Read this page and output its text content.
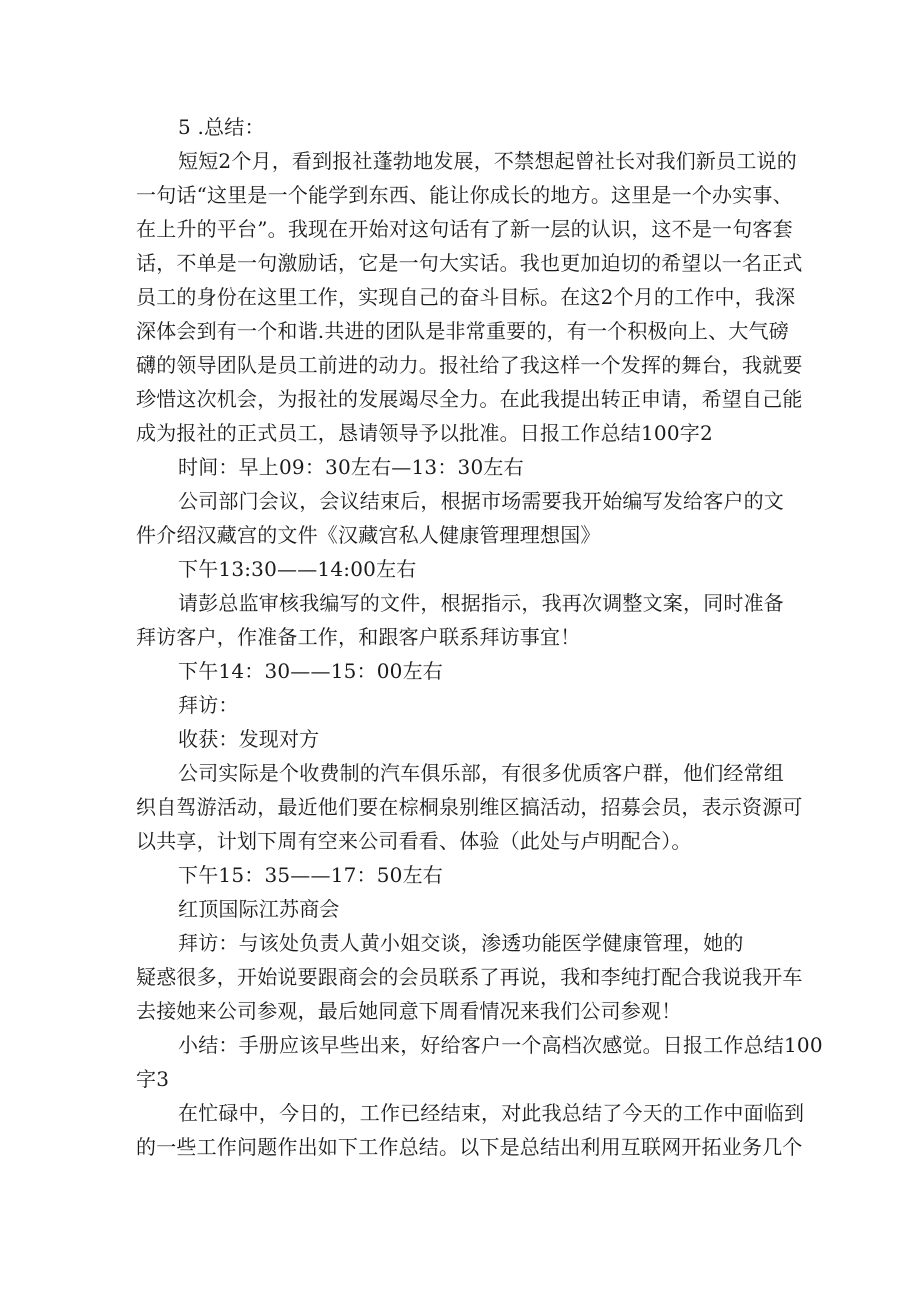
5 .总结：
短短2个月，看到报社蓬勃地发展，不禁想起曾社长对我们新员工说的
一句话“这里是一个能学到东西、能让你成长的地方。这里是一个办实事、
在上升的平台”。我现在开始对这句话有了新一层的认识，这不是一句客套
话，不单是一句激励话，它是一句大实话。我也更加迫切的希望以一名正式
员工的身份在这里工作，实现自己的奋斗目标。在这2个月的工作中，我深
深体会到有一个和谐.共进的团队是非常重要的，有一个积极向上、大气磅
礴的领导团队是员工前进的动力。报社给了我这样一个发挥的舞台，我就要
珍惜这次机会，为报社的发展竭尽全力。在此我提出转正申请，希望自己能
成为报社的正式员工，恳请领导予以批准。日报工作总结100字2
时间：早上09：30左右—13：30左右
公司部门会议，会议结束后，根据市场需要我开始编写发给客户的文
件介绍汉藏宫的文件《汉藏宫私人健康管理理想国》
下午13:30——14:00左右
请彭总监审核我编写的文件，根据指示，我再次调整文案，同时准备
拜访客户，作准备工作，和跟客户联系拜访事宜！
下午14：30——15：00左右
拜访：
收获：发现对方
公司实际是个收费制的汽车俱乐部，有很多优质客户群，他们经常组
织自驾游活动，最近他们要在棕桐泉别维区搞活动，招募会员，表示资源可
以共享，计划下周有空来公司看看、体验（此处与卢明配合）。
下午15：35——17：50左右
红顶国际江苏商会
拜访：与该处负责人黄小姐交谈，渗透功能医学健康管理，她的
疑惑很多，开始说要跟商会的会员联系了再说，我和李纯打配合我说我开车
去接她来公司参观，最后她同意下周看情况来我们公司参观！
小结：手册应该早些出来，好给客户一个高档次感觉。日报工作总结100
字3
在忙碌中，今日的，工作已经结束，对此我总结了今天的工作中面临到
的一些工作问题作出如下工作总结。以下是总结出利用互联网开拓业务几个
